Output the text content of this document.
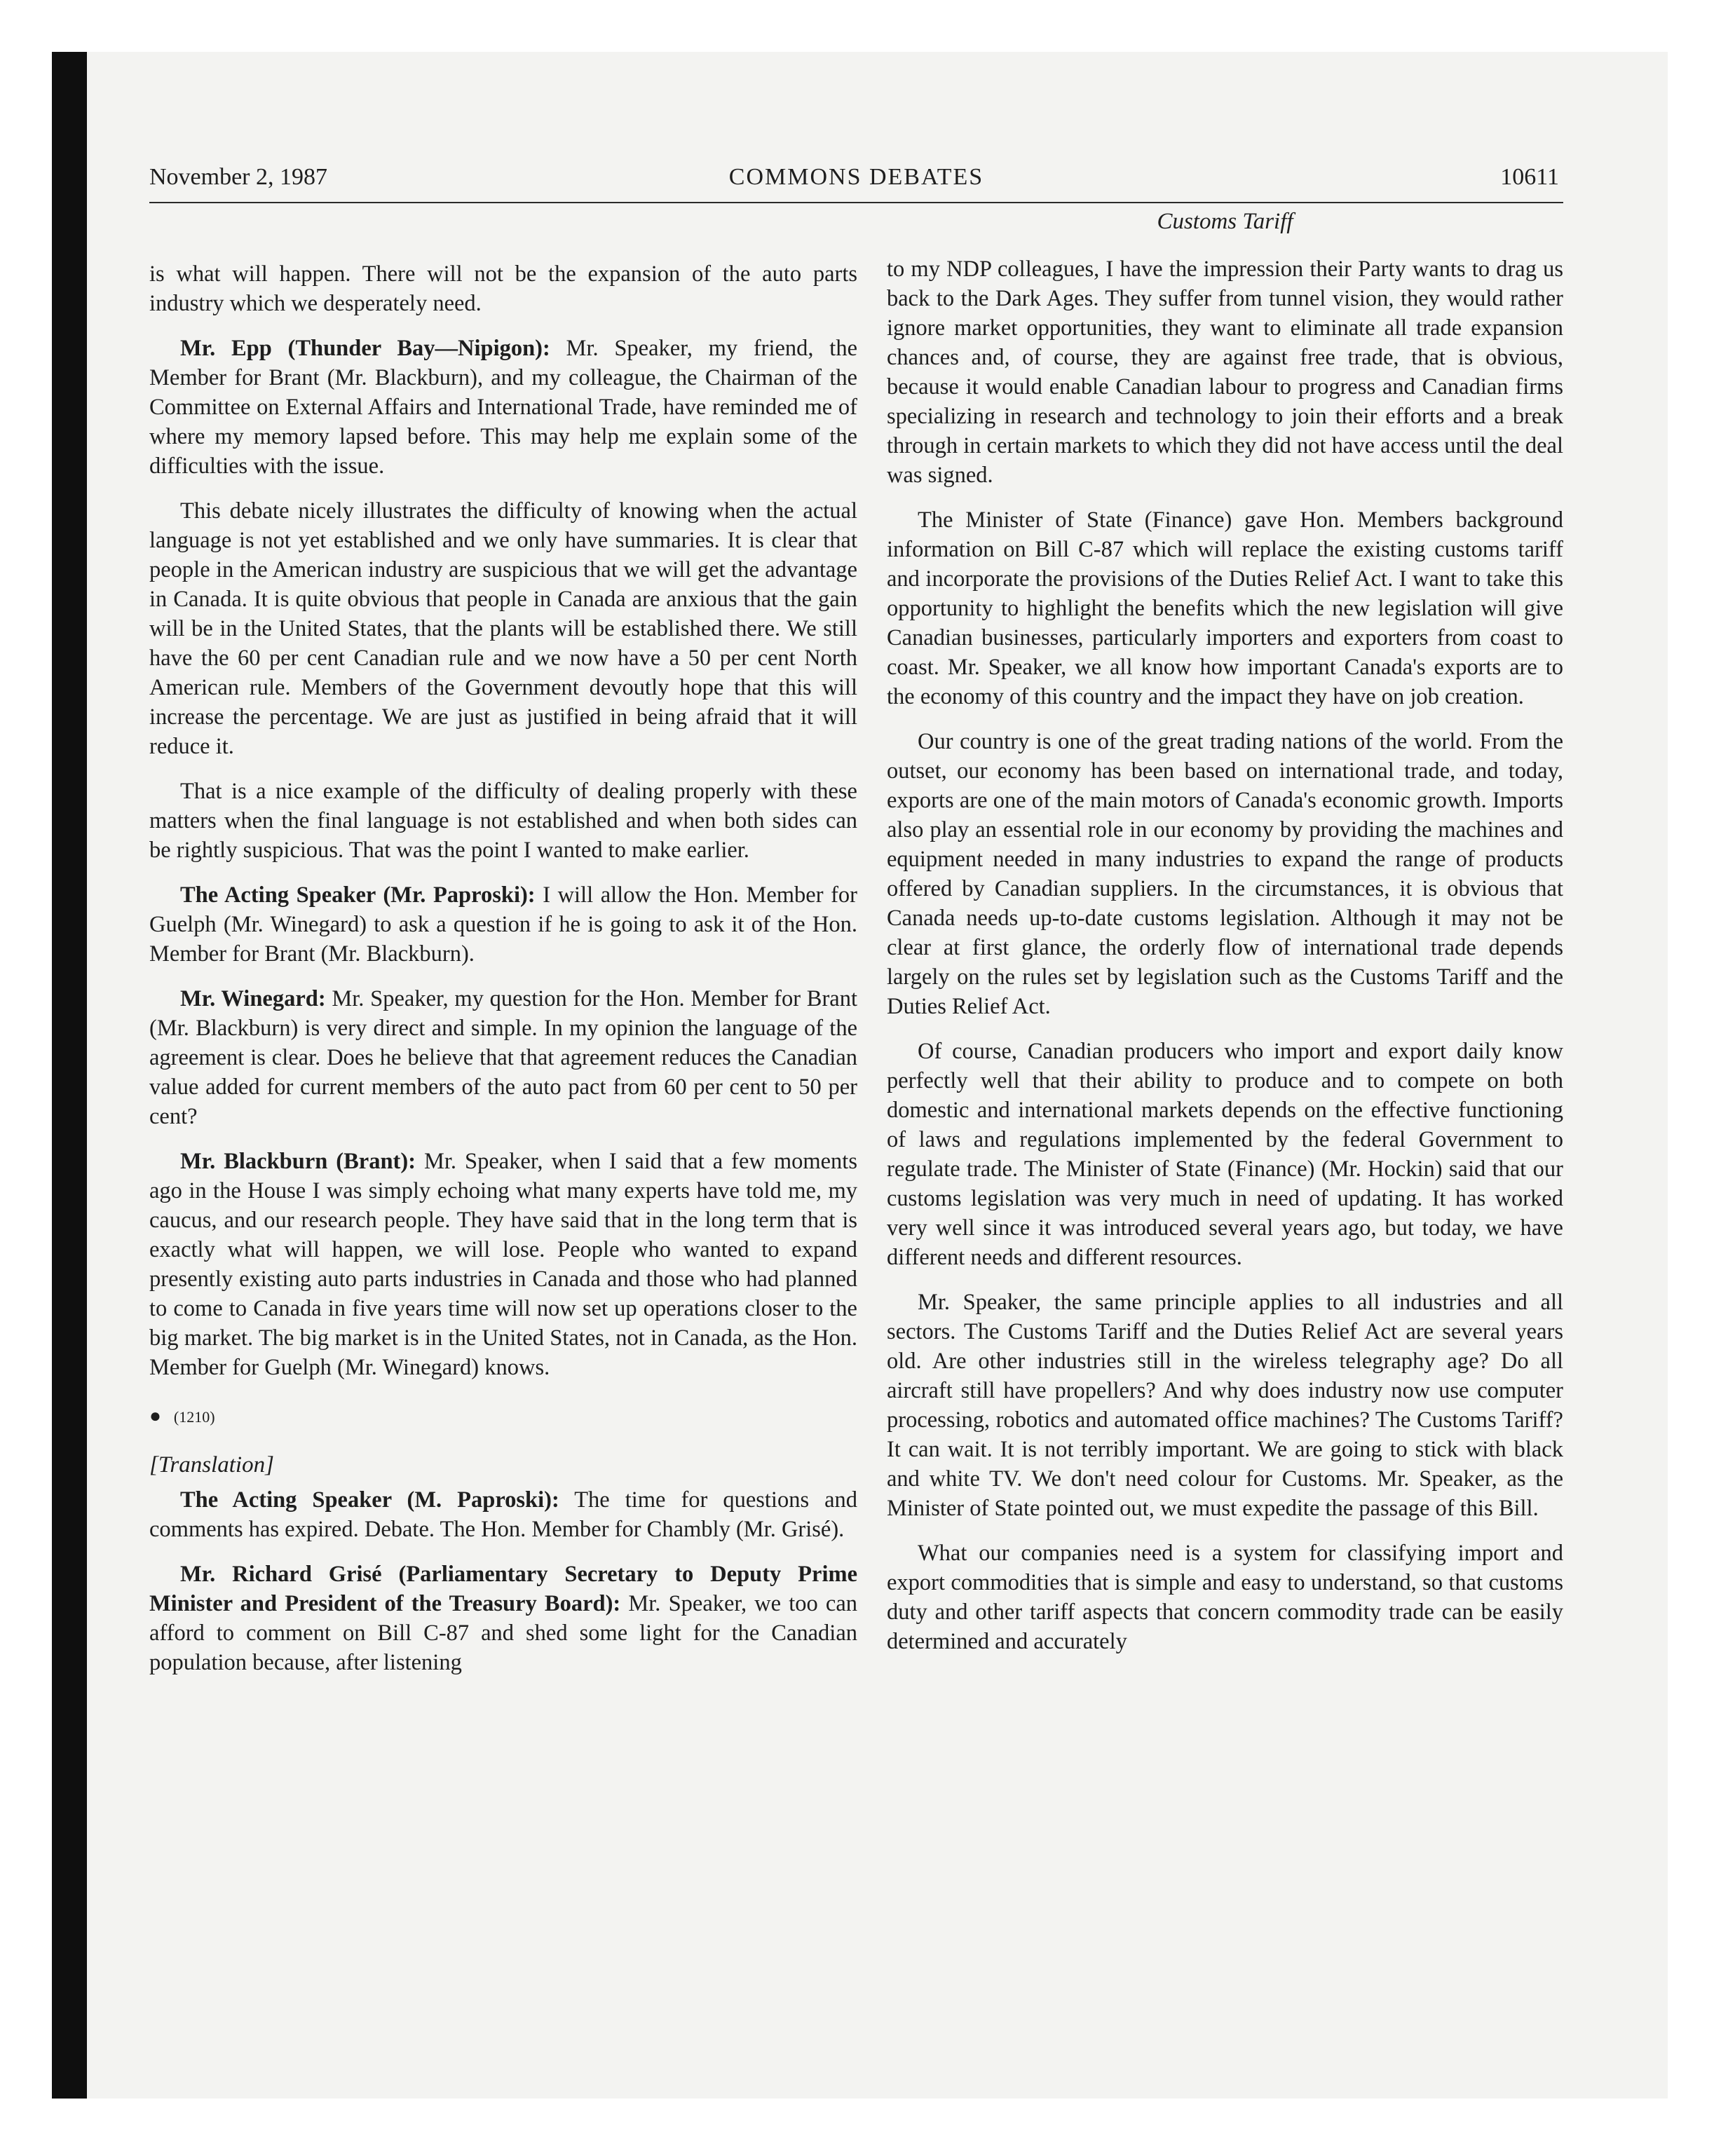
November 2, 1987	COMMONS DEBATES	10611
Customs Tariff

is what will happen. There will not be the expansion of the auto parts industry which we desperately need.

Mr. Epp (Thunder Bay—Nipigon): Mr. Speaker, my friend, the Member for Brant (Mr. Blackburn), and my colleague, the Chairman of the Committee on External Affairs and International Trade, have reminded me of where my memory lapsed before. This may help me explain some of the difficulties with the issue.

This debate nicely illustrates the difficulty of knowing when the actual language is not yet established and we only have summaries. It is clear that people in the American industry are suspicious that we will get the advantage in Canada. It is quite obvious that people in Canada are anxious that the gain will be in the United States, that the plants will be established there. We still have the 60 per cent Canadian rule and we now have a 50 per cent North American rule. Members of the Government devoutly hope that this will increase the percentage. We are just as justified in being afraid that it will reduce it.

That is a nice example of the difficulty of dealing properly with these matters when the final language is not established and when both sides can be rightly suspicious. That was the point I wanted to make earlier.

The Acting Speaker (Mr. Paproski): I will allow the Hon. Member for Guelph (Mr. Winegard) to ask a question if he is going to ask it of the Hon. Member for Brant (Mr. Blackburn).

Mr. Winegard: Mr. Speaker, my question for the Hon. Member for Brant (Mr. Blackburn) is very direct and simple. In my opinion the language of the agreement is clear. Does he believe that that agreement reduces the Canadian value added for current members of the auto pact from 60 per cent to 50 per cent?

Mr. Blackburn (Brant): Mr. Speaker, when I said that a few moments ago in the House I was simply echoing what many experts have told me, my caucus, and our research people. They have said that in the long term that is exactly what will happen, we will lose. People who wanted to expand presently existing auto parts industries in Canada and those who had planned to come to Canada in five years time will now set up operations closer to the big market. The big market is in the United States, not in Canada, as the Hon. Member for Guelph (Mr. Winegard) knows.

● (1210)

[Translation]

The Acting Speaker (M. Paproski): The time for questions and comments has expired. Debate. The Hon. Member for Chambly (Mr. Grisé).

Mr. Richard Grisé (Parliamentary Secretary to Deputy Prime Minister and President of the Treasury Board): Mr. Speaker, we too can afford to comment on Bill C-87 and shed some light for the Canadian population because, after listening

to my NDP colleagues, I have the impression their Party wants to drag us back to the Dark Ages. They suffer from tunnel vision, they would rather ignore market opportunities, they want to eliminate all trade expansion chances and, of course, they are against free trade, that is obvious, because it would enable Canadian labour to progress and Canadian firms specializing in research and technology to join their efforts and a break through in certain markets to which they did not have access until the deal was signed.

The Minister of State (Finance) gave Hon. Members background information on Bill C-87 which will replace the existing customs tariff and incorporate the provisions of the Duties Relief Act. I want to take this opportunity to highlight the benefits which the new legislation will give Canadian businesses, particularly importers and exporters from coast to coast. Mr. Speaker, we all know how important Canada's exports are to the economy of this country and the impact they have on job creation.

Our country is one of the great trading nations of the world. From the outset, our economy has been based on international trade, and today, exports are one of the main motors of Canada's economic growth. Imports also play an essential role in our economy by providing the machines and equipment needed in many industries to expand the range of products offered by Canadian suppliers. In the circumstances, it is obvious that Canada needs up-to-date customs legislation. Although it may not be clear at first glance, the orderly flow of international trade depends largely on the rules set by legislation such as the Customs Tariff and the Duties Relief Act.

Of course, Canadian producers who import and export daily know perfectly well that their ability to produce and to compete on both domestic and international markets depends on the effective functioning of laws and regulations implemented by the federal Government to regulate trade. The Minister of State (Finance) (Mr. Hockin) said that our customs legislation was very much in need of updating. It has worked very well since it was introduced several years ago, but today, we have different needs and different resources.

Mr. Speaker, the same principle applies to all industries and all sectors. The Customs Tariff and the Duties Relief Act are several years old. Are other industries still in the wireless telegraphy age? Do all aircraft still have propellers? And why does industry now use computer processing, robotics and automated office machines? The Customs Tariff? It can wait. It is not terribly important. We are going to stick with black and white TV. We don't need colour for Customs. Mr. Speaker, as the Minister of State pointed out, we must expedite the passage of this Bill.

What our companies need is a system for classifying import and export commodities that is simple and easy to understand, so that customs duty and other tariff aspects that concern commodity trade can be easily determined and accurately
